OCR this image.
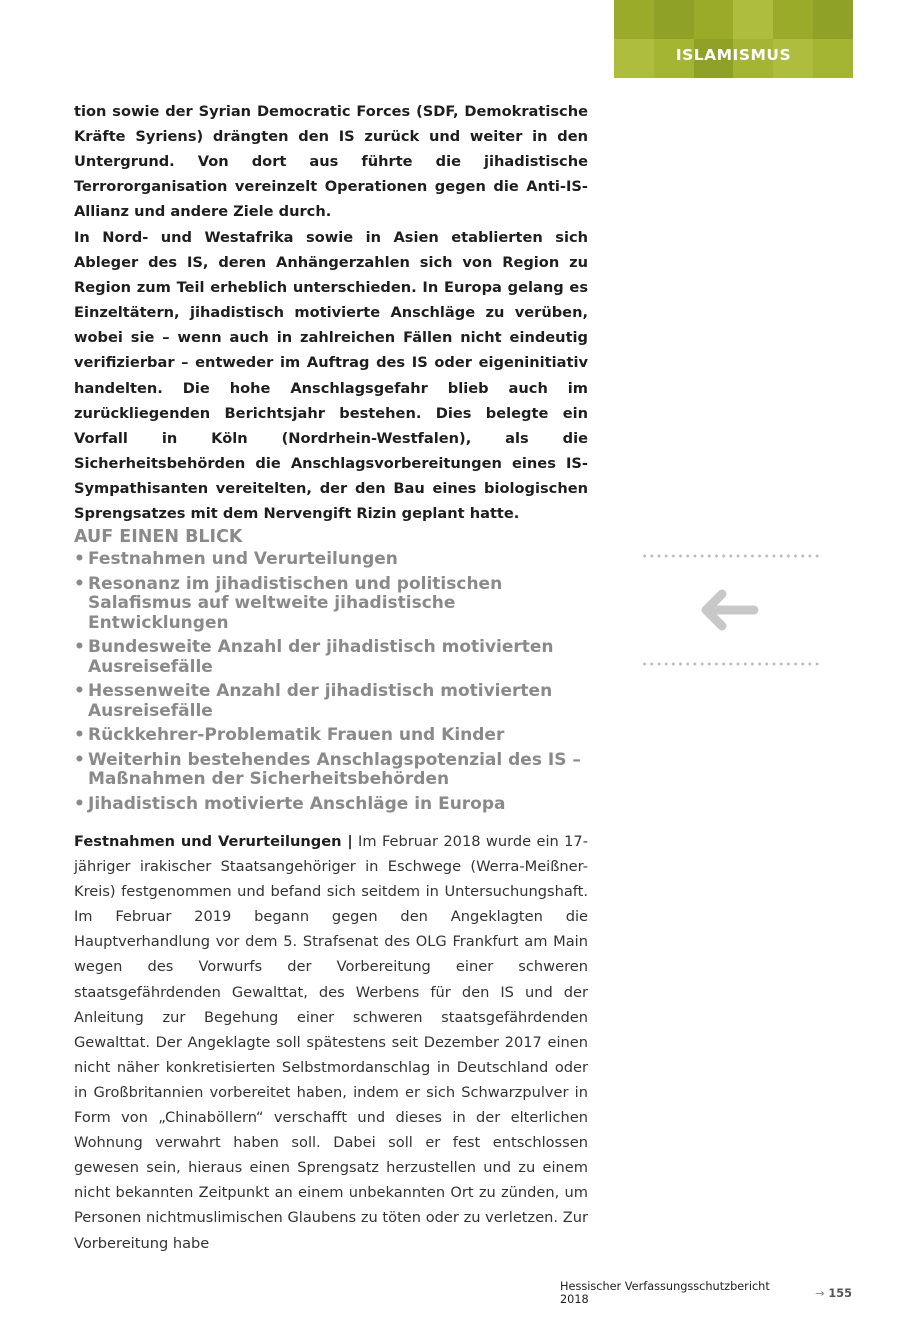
ISLAMISMUS

tion sowie der Syrian Democratic Forces (SDF, Demokratische Kräfte Syriens) drängten den IS zurück und weiter in den Untergrund. Von dort aus führte die jihadistische Terrororganisation vereinzelt Operationen gegen die Anti-IS-Allianz und andere Ziele durch.

In Nord- und Westafrika sowie in Asien etablierten sich Ableger des IS, deren Anhängerzahlen sich von Region zu Region zum Teil erheblich unterschieden. In Europa gelang es Einzeltätern, jihadistisch motivierte Anschläge zu verüben, wobei sie – wenn auch in zahlreichen Fällen nicht eindeutig verifizierbar – entweder im Auftrag des IS oder eigeninitiativ handelten. Die hohe Anschlagsgefahr blieb auch im zurückliegenden Berichtsjahr bestehen. Dies belegte ein Vorfall in Köln (Nordrhein-Westfalen), als die Sicherheitsbehörden die Anschlagsvorbereitungen eines IS-Sympathisanten vereitelten, der den Bau eines biologischen Sprengsatzes mit dem Nervengift Rizin geplant hatte.

AUF EINEN BLICK
• Festnahmen und Verurteilungen
• Resonanz im jihadistischen und politischen Salafismus auf weltweite jihadistische Entwicklungen
• Bundesweite Anzahl der jihadistisch motivierten Ausreisefälle
• Hessenweite Anzahl der jihadistisch motivierten Ausreisefälle
• Rückkehrer-Problematik Frauen und Kinder
• Weiterhin bestehendes Anschlagspotenzial des IS – Maßnahmen der Sicherheitsbehörden
• Jihadistisch motivierte Anschläge in Europa

Festnahmen und Verurteilungen | Im Februar 2018 wurde ein 17-jähriger irakischer Staatsangehöriger in Eschwege (Werra-Meißner-Kreis) festgenommen und befand sich seitdem in Untersuchungshaft. Im Februar 2019 begann gegen den Angeklagten die Hauptverhandlung vor dem 5. Strafsenat des OLG Frankfurt am Main wegen des Vorwurfs der Vorbereitung einer schweren staatsgefährdenden Gewalttat, des Werbens für den IS und der Anleitung zur Begehung einer schweren staatsgefährdenden Gewalttat. Der Angeklagte soll spätestens seit Dezember 2017 einen nicht näher konkretisierten Selbstmordanschlag in Deutschland oder in Großbritannien vorbereitet haben, indem er sich Schwarzpulver in Form von „Chinaböllern“ verschafft und dieses in der elterlichen Wohnung verwahrt haben soll. Dabei soll er fest entschlossen gewesen sein, hieraus einen Sprengsatz herzustellen und zu einem nicht bekannten Zeitpunkt an einem unbekannten Ort zu zünden, um Personen nichtmuslimischen Glaubens zu töten oder zu verletzen. Zur Vorbereitung habe

Hessischer Verfassungsschutzbericht 2018	→ 155
